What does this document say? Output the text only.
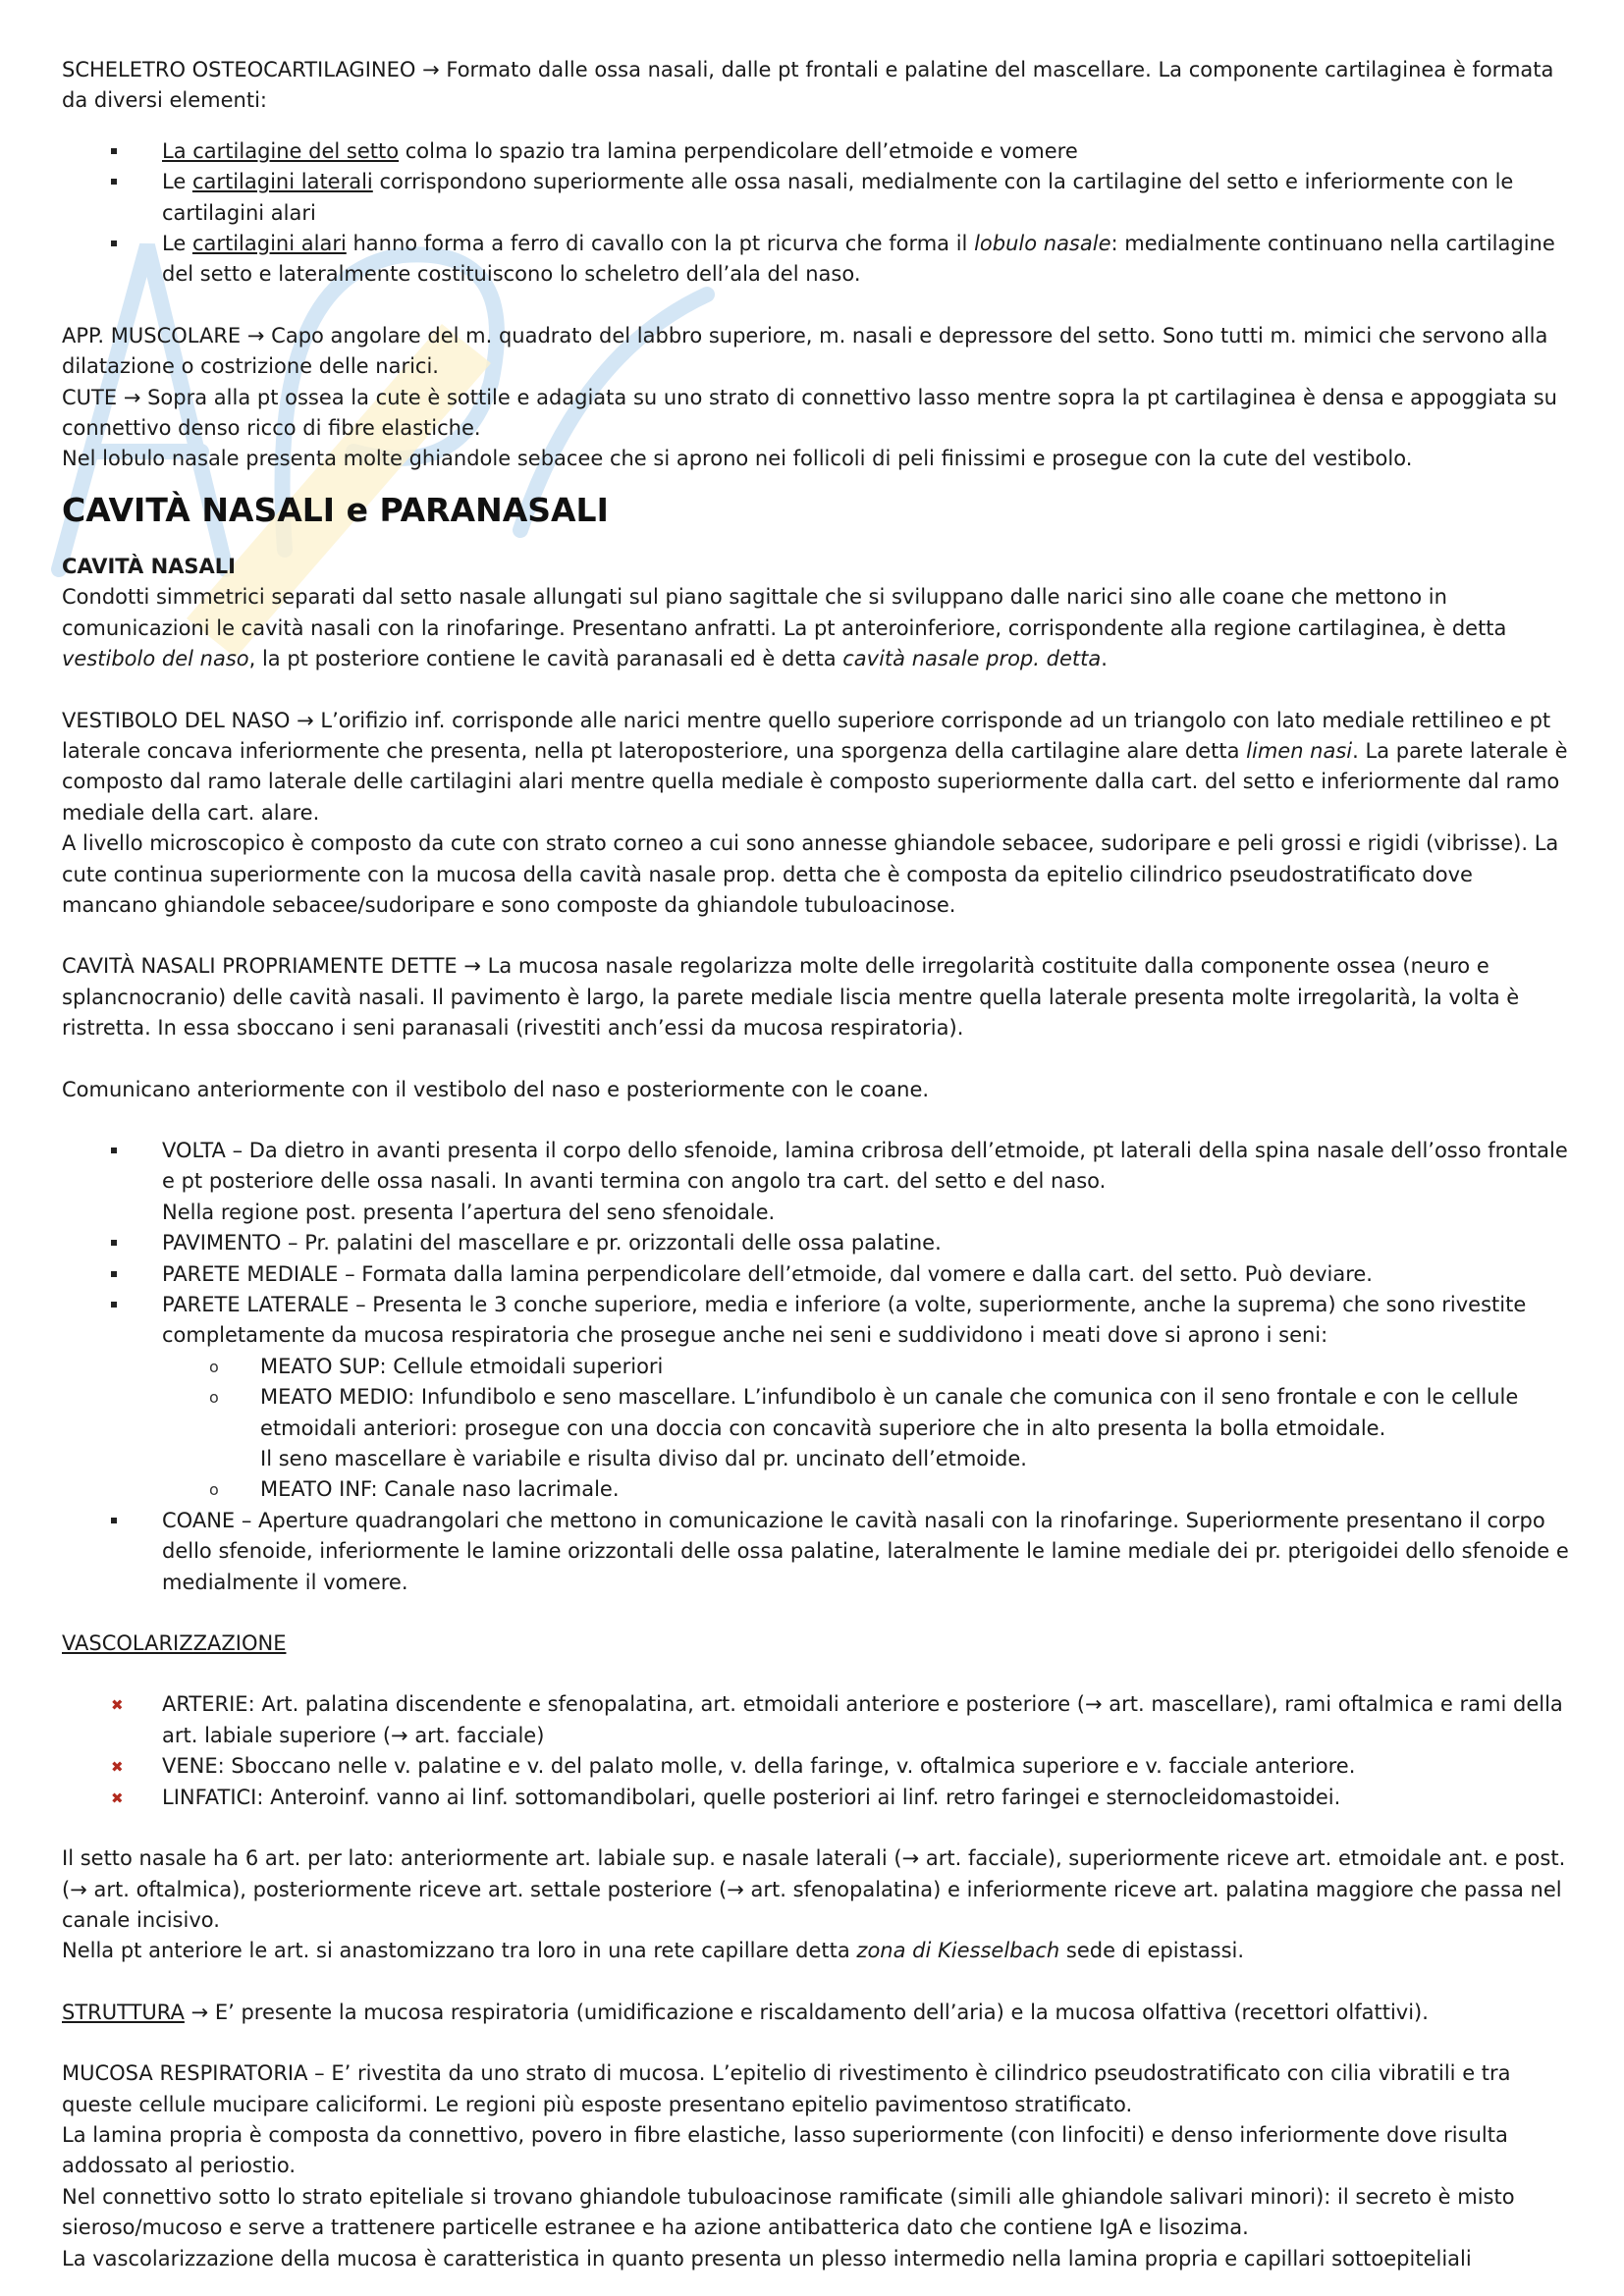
SCHELETRO OSTEOCARTILAGINEO → Formato dalle ossa nasali, dalle pt frontali e palatine del mascellare. La componente cartilaginea è formata da diversi elementi:

La cartilagine del setto colma lo spazio tra lamina perpendicolare dell’etmoide e vomere
Le cartilagini laterali corrispondono superiormente alle ossa nasali, medialmente con la cartilagine del setto e inferiormente con le cartilagini alari
Le cartilagini alari hanno forma a ferro di cavallo con la pt ricurva che forma il lobulo nasale: medialmente continuano nella cartilagine del setto e lateralmente costituiscono lo scheletro dell’ala del naso.

APP. MUSCOLARE → Capo angolare del m. quadrato del labbro superiore, m. nasali e depressore del setto. Sono tutti m. mimici che servono alla dilatazione o costrizione delle narici.

CUTE → Sopra alla pt ossea la cute è sottile e adagiata su uno strato di connettivo lasso mentre sopra la pt cartilaginea è densa e appoggiata su connettivo denso ricco di fibre elastiche.

Nel lobulo nasale presenta molte ghiandole sebacee che si aprono nei follicoli di peli finissimi e prosegue con la cute del vestibolo.

CAVITÀ NASALI e PARANASALI

CAVITÀ NASALI

Condotti simmetrici separati dal setto nasale allungati sul piano sagittale che si sviluppano dalle narici sino alle coane che mettono in comunicazioni le cavità nasali con la rinofaringe. Presentano anfratti. La pt anteroinferiore, corrispondente alla regione cartilaginea, è detta vestibolo del naso, la pt posteriore contiene le cavità paranasali ed è detta cavità nasale prop. detta.

VESTIBOLO DEL NASO → L’orifizio inf. corrisponde alle narici mentre quello superiore corrisponde ad un triangolo con lato mediale rettilineo e pt laterale concava inferiormente che presenta, nella pt lateroposteriore, una sporgenza della cartilagine alare detta limen nasi. La parete laterale è composto dal ramo laterale delle cartilagini alari mentre quella mediale è composto superiormente dalla cart. del setto e inferiormente dal ramo mediale della cart. alare.

A livello microscopico è composto da cute con strato corneo a cui sono annesse ghiandole sebacee, sudoripare e peli grossi e rigidi (vibrisse). La cute continua superiormente con la mucosa della cavità nasale prop. detta che è composta da epitelio cilindrico pseudostratificato dove mancano ghiandole sebacee/sudoripare e sono composte da ghiandole tubuloacinose.

CAVITÀ NASALI PROPRIAMENTE DETTE → La mucosa nasale regolarizza molte delle irregolarità costituite dalla componente ossea (neuro e splancnocranio) delle cavità nasali. Il pavimento è largo, la parete mediale liscia mentre quella laterale presenta molte irregolarità, la volta è ristretta. In essa sboccano i seni paranasali (rivestiti anch’essi da mucosa respiratoria).

Comunicano anteriormente con il vestibolo del naso e posteriormente con le coane.

VOLTA – Da dietro in avanti presenta il corpo dello sfenoide, lamina cribrosa dell’etmoide, pt laterali della spina nasale dell’osso frontale e pt posteriore delle ossa nasali. In avanti termina con angolo tra cart. del setto e del naso.
Nella regione post. presenta l’apertura del seno sfenoidale.
PAVIMENTO – Pr. palatini del mascellare e pr. orizzontali delle ossa palatine.
PARETE MEDIALE – Formata dalla lamina perpendicolare dell’etmoide, dal vomere e dalla cart. del setto. Può deviare.
PARETE LATERALE – Presenta le 3 conche superiore, media e inferiore (a volte, superiormente, anche la suprema) che sono rivestite completamente da mucosa respiratoria che prosegue anche nei seni e suddividono i meati dove si aprono i seni:
o MEATO SUP: Cellule etmoidali superiori
o MEATO MEDIO: Infundibolo e seno mascellare. L’infundibolo è un canale che comunica con il seno frontale e con le cellule etmoidali anteriori: prosegue con una doccia con concavità superiore che in alto presenta la bolla etmoidale.
Il seno mascellare è variabile e risulta diviso dal pr. uncinato dell’etmoide.
o MEATO INF: Canale naso lacrimale.
COANE – Aperture quadrangolari che mettono in comunicazione le cavità nasali con la rinofaringe. Superiormente presentano il corpo dello sfenoide, inferiormente le lamine orizzontali delle ossa palatine, lateralmente le lamine mediale dei pr. pterigoidei dello sfenoide e medialmente il vomere.

VASCOLARIZZAZIONE

✖ ARTERIE: Art. palatina discendente e sfenopalatina, art. etmoidali anteriore e posteriore (→ art. mascellare), rami oftalmica e rami della art. labiale superiore (→ art. facciale)
✖ VENE: Sboccano nelle v. palatine e v. del palato molle, v. della faringe, v. oftalmica superiore e v. facciale anteriore.
✖ LINFATICI: Anteroinf. vanno ai linf. sottomandibolari, quelle posteriori ai linf. retro faringei e sternocleidomastoidei.

Il setto nasale ha 6 art. per lato: anteriormente art. labiale sup. e nasale laterali (→ art. facciale), superiormente riceve art. etmoidale ant. e post. (→ art. oftalmica), posteriormente riceve art. settale posteriore (→ art. sfenopalatina) e inferiormente riceve art. palatina maggiore che passa nel canale incisivo.

Nella pt anteriore le art. si anastomizzano tra loro in una rete capillare detta zona di Kiesselbach sede di epistassi.

STRUTTURA → E’ presente la mucosa respiratoria (umidificazione e riscaldamento dell’aria) e la mucosa olfattiva (recettori olfattivi).

MUCOSA RESPIRATORIA – E’ rivestita da uno strato di mucosa. L’epitelio di rivestimento è cilindrico pseudostratificato con cilia vibratili e tra queste cellule mucipare caliciformi. Le regioni più esposte presentano epitelio pavimentoso stratificato.

La lamina propria è composta da connettivo, povero in fibre elastiche, lasso superiormente (con linfociti) e denso inferiormente dove risulta addossato al periostio.

Nel connettivo sotto lo strato epiteliale si trovano ghiandole tubuloacinose ramificate (simili alle ghiandole salivari minori): il secreto è misto sieroso/mucoso e serve a trattenere particelle estranee e ha azione antibatterica dato che contiene IgA e lisozima.

La vascolarizzazione della mucosa è caratteristica in quanto presenta un plesso intermedio nella lamina propria e capillari sottoepiteliali
